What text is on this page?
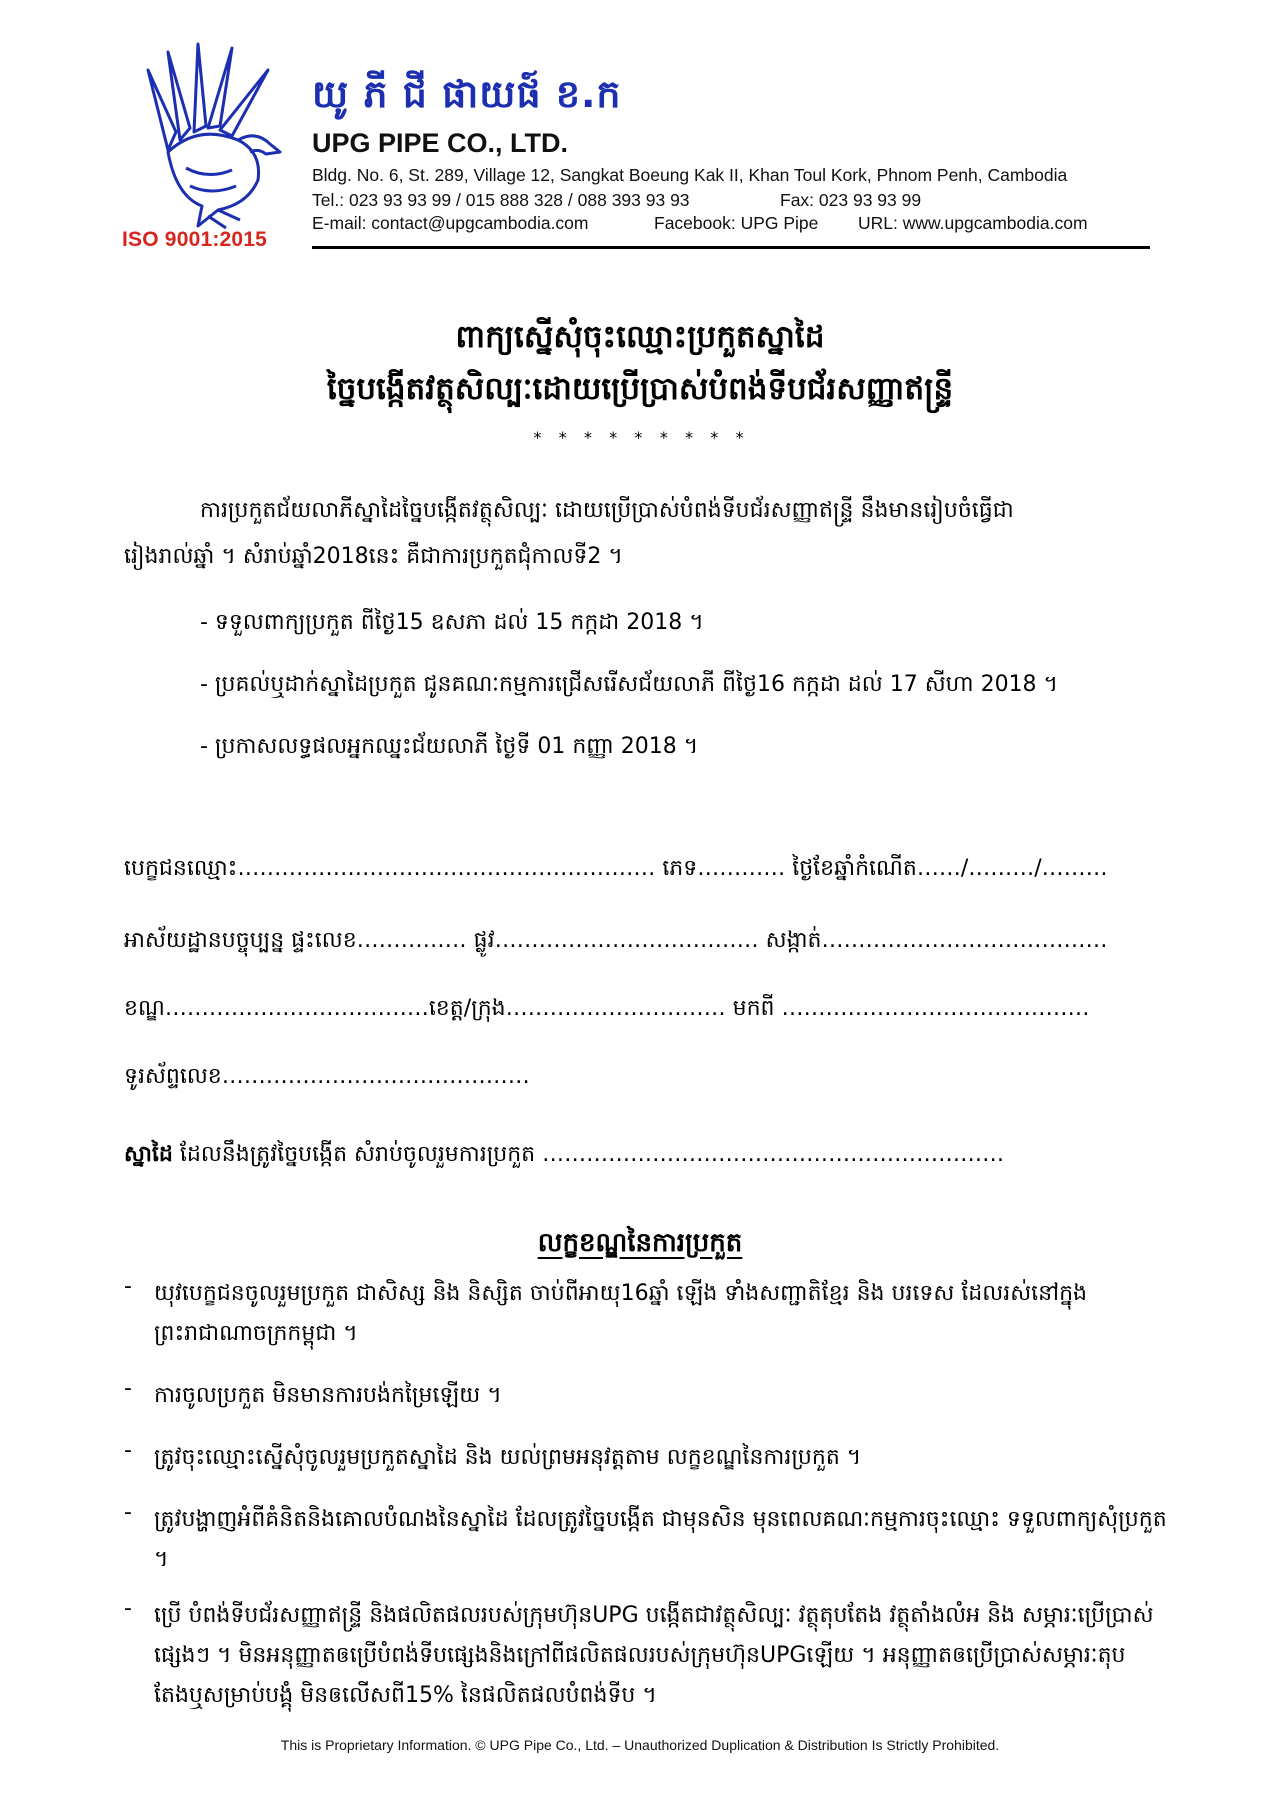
ISO 9001:2015
យូ ភី ជី ផាយផ៍ ខ.ក
UPG PIPE CO., LTD.
Bldg. No. 6, St. 289, Village 12, Sangkat Boeung Kak II, Khan Toul Kork, Phnom Penh, Cambodia
Tel.: 023 93 93 99 / 015 888 328 / 088 393 93 93	Fax: 023 93 93 99
E-mail: contact@upgcambodia.com	Facebook: UPG Pipe URL: www.upgcambodia.com
ពាក្យស្នើសុំចុះឈ្មោះប្រកួតស្នាដៃ
ច្នៃបង្កើតវត្ថុសិល្បៈដោយប្រើប្រាស់បំពង់ទីបជ័រសញ្ញាឥន្ទ្រី
* * * * * * * * *
ការប្រកួតជ័យលាភីស្នាដៃច្នៃបង្កើតវត្ថុសិល្បៈ ដោយប្រើប្រាស់បំពង់ទីបជ័រសញ្ញាឥន្ទ្រី នឹងមានរៀបចំធ្វើជា
រៀងរាល់ឆ្នាំ ។ សំរាប់ឆ្នាំ2018នេះ គឺជាការប្រកួតជុំកាលទី2 ។
- ទទួលពាក្យប្រកួត ពីថ្ងៃ15 ឧសភា ដល់ 15 កក្កដា 2018 ។
- ប្រគល់ឬដាក់ស្នាដៃប្រកួត ជូនគណៈកម្មការជ្រើសរើសជ័យលាភី ពីថ្ងៃ16 កក្កដា ដល់ 17 សីហា 2018 ។
- ប្រកាសលទ្ធផលអ្នកឈ្នះជ័យលាភី ថ្ងៃទី 01 កញ្ញា 2018 ។
បេក្ខជនឈ្មោះ………………………………………………… ភេទ………… ថ្ងៃខែឆ្នាំកំណើត……/………/………
អាស័យដ្ឋានបច្ចុប្បន្ន ផ្ទះលេខ…………… ផ្លូវ……………………………… សង្កាត់…………………………………
ខណ្ឌ………………………………ខេត្ត/ក្រុង………………………… មកពី ……………………………………
ទូរស័ព្ទលេខ……………………………………
ស្នាដៃ ដែលនឹងត្រូវច្នៃបង្កើត សំរាប់ចូលរួមការប្រកួត ………………………………………………………
លក្ខខណ្ឌនៃការប្រកួត
- យុវបេក្ខជនចូលរួមប្រកួត ជាសិស្ស និង និស្សិត ចាប់ពីអាយុ16ឆ្នាំ ឡើង ទាំងសញ្ជាតិខ្មែរ និង បរទេស ដែលរស់នៅក្នុងព្រះរាជាណាចក្រកម្ពុជា ។
- ការចូលប្រកួត មិនមានការបង់កម្រៃឡើយ ។
- ត្រូវចុះឈ្មោះស្នើសុំចូលរួមប្រកួតស្នាដៃ និង យល់ព្រមអនុវត្តតាម លក្ខខណ្ឌនៃការប្រកួត ។
- ត្រូវបង្ហាញអំពីគំនិតនិងគោលបំណងនៃស្នាដៃ ដែលត្រូវច្នៃបង្កើត ជាមុនសិន មុនពេលគណៈកម្មការចុះឈ្មោះ ទទួលពាក្យសុំប្រកួត ។
- ប្រើ បំពង់ទីបជ័រសញ្ញាឥន្ទ្រី និងផលិតផលរបស់ក្រុមហ៊ុនUPG បង្កើតជាវត្ថុសិល្បៈ វត្ថុតុបតែង វត្ថុតាំងលំអ និង សម្ភារៈប្រើប្រាស់ផ្សេងៗ ។ មិនអនុញ្ញាតឲប្រើបំពង់ទីបផ្សេងនិងក្រៅពីផលិតផលរបស់ក្រុមហ៊ុនUPGឡើយ ។ អនុញ្ញាតឲប្រើប្រាស់សម្ភារៈតុបតែងឬសម្រាប់បង្គុំ មិនឲលើសពី15% នៃផលិតផលបំពង់ទីប ។
This is Proprietary Information. © UPG Pipe Co., Ltd. – Unauthorized Duplication & Distribution Is Strictly Prohibited.
